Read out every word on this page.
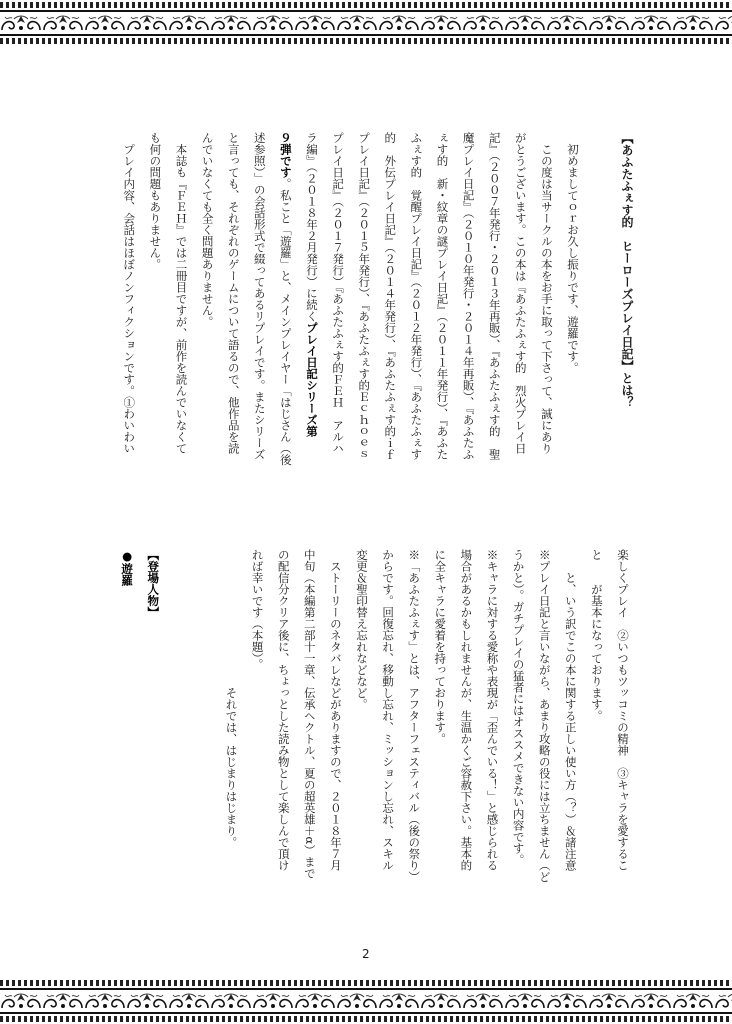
【あふたふぇす的　ヒーローズプレイ日記】とは？
　初めましてｏｒお久し振りです、遊羅です。
　この度は当サークルの本をお手に取って下さって、誠にあり
がとうございます。この本は『あふたふぇす的　烈火プレイ日
記』（２００７年発行・２０１３年再販）、『あふたふぇす的　聖
魔プレイ日記』（２０１０年発行・２０１４年再販）、『あふたふ
ぇす的　新・紋章の謎プレイ日記』（２０１１年発行）、『あふた
ふぇす的　覚醒プレイ日記』（２０１２年発行）、『あふたふぇす
的　外伝プレイ日記』（２０１４年発行）、『あふたふぇす的ｉｆ
プレイ日記』（２０１５年発行）、『あふたふぇす的Ｅｃｈｏｅｓ
プレイ日記』（２０１７発行）『あふたふぇす的ＦＥＨ　アルハ
ラ編』（２０１８年２月発行）に続くプレイ日記シリーズ第
９弾です。私こと「遊羅」と、メインプレイヤー「はじさん（後
述参照）」の会話形式で綴ってあるリプレイです。またシリーズ
と言っても、それぞれのゲームについて語るので、他作品を読
んでいなくても全く問題ありません。
　本誌も『ＦＥＨ』では二冊目ですが、前作を読んでいなくて
も何の問題もありません。
　プレイ内容、会話はほぼノンフィクションです。①わいわい
楽しくプレイ　②いつもツッコミの精神　③キャラを愛するこ
と　　が基本になっております。
　　と、いう訳でこの本に関する正しい使い方（？）＆諸注意
※プレイ日記と言いながら、あまり攻略の役には立ちません（ど
うかと）。ガチプレイの猛者にはオススメできない内容です。
※キャラに対する愛称や表現が「歪んでいる！」と感じられる
場合があるかもしれませんが、生温かくご容赦下さい。基本的
に全キャラに愛着を持っております。
※「あふたふぇす」とは、アフターフェスティバル（後の祭り）
からです。回復忘れ、移動し忘れ、ミッションし忘れ、スキル
変更＆聖印替え忘れなどなど。
　ストーリーのネタバレなどがありますので、２０１８年７月
中旬（本編第二部十一章、伝承ヘクトル、夏の超英雄＋α）まで
の配信分クリア後に、ちょっとした読み物として楽しんで頂け
れば幸いです（本題）。
　　　　　　　　　　　　それでは、はじまりはじまり。
【登場人物】
●遊羅
2
